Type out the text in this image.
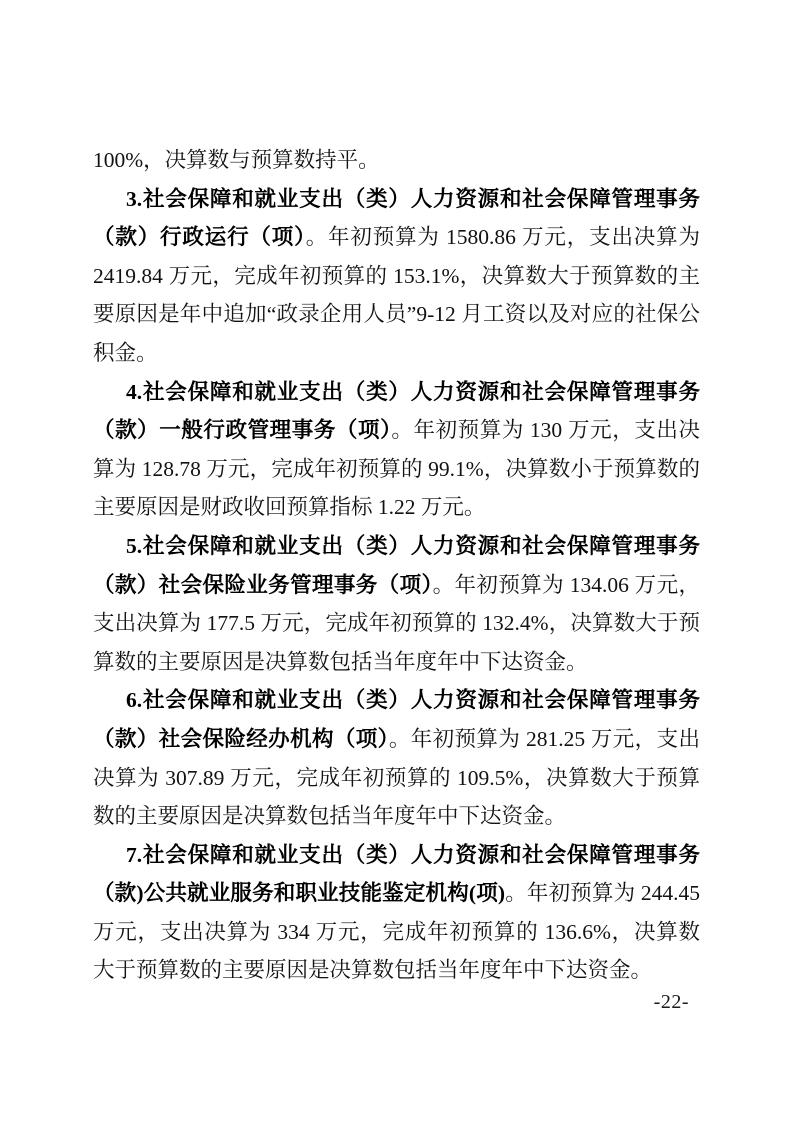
100%，决算数与预算数持平。

3.社会保障和就业支出（类）人力资源和社会保障管理事务（款）行政运行（项）。年初预算为 1580.86 万元，支出决算为 2419.84 万元，完成年初预算的 153.1%，决算数大于预算数的主要原因是年中追加“政录企用人员”9-12 月工资以及对应的社保公积金。

4.社会保障和就业支出（类）人力资源和社会保障管理事务（款）一般行政管理事务（项）。年初预算为 130 万元，支出决算为 128.78 万元，完成年初预算的 99.1%，决算数小于预算数的主要原因是财政收回预算指标 1.22 万元。

5.社会保障和就业支出（类）人力资源和社会保障管理事务（款）社会保险业务管理事务（项）。年初预算为 134.06 万元，支出决算为 177.5 万元，完成年初预算的 132.4%，决算数大于预算数的主要原因是决算数包括当年度年中下达资金。

6.社会保障和就业支出（类）人力资源和社会保障管理事务（款）社会保险经办机构（项）。年初预算为 281.25 万元，支出决算为 307.89 万元，完成年初预算的 109.5%，决算数大于预算数的主要原因是决算数包括当年度年中下达资金。

7.社会保障和就业支出（类）人力资源和社会保障管理事务（款)公共就业服务和职业技能鉴定机构(项)。年初预算为 244.45 万元，支出决算为 334 万元，完成年初预算的 136.6%，决算数大于预算数的主要原因是决算数包括当年度年中下达资金。

-22-
